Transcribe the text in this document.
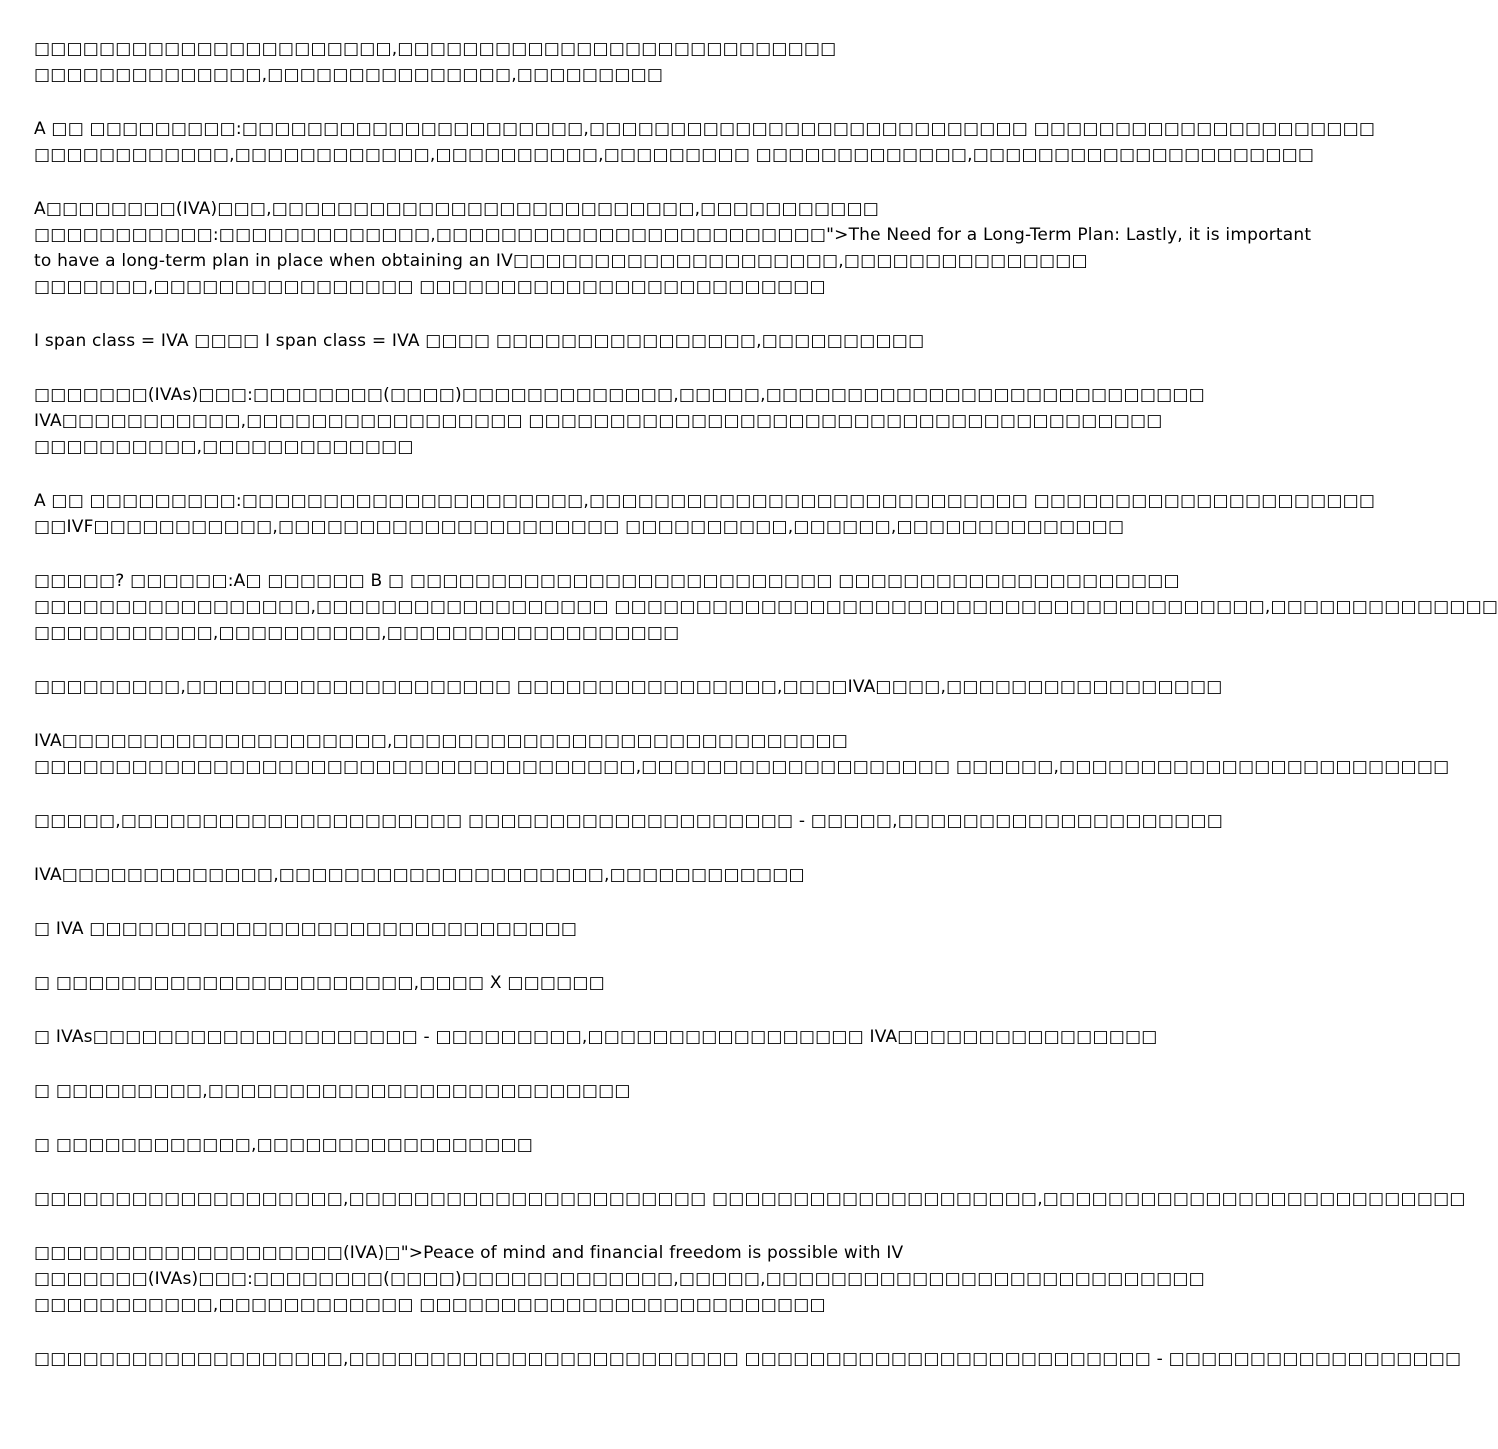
□□□□□□□□□□□□□□□□□□□□□□,□□□□□□□□□□□□□□□□□□□□□□□□□□□
□□□□□□□□□□□□□□,□□□□□□□□□□□□□□□,□□□□□□□□□

A □□ □□□□□□□□□:□□□□□□□□□□□□□□□□□□□□□,□□□□□□□□□□□□□□□□□□□□□□□□□□□ □□□□□□□□□□□□□□□□□□□□□
□□□□□□□□□□□□,□□□□□□□□□□□□,□□□□□□□□□□,□□□□□□□□□ □□□□□□□□□□□□□,□□□□□□□□□□□□□□□□□□□□□

A□□□□□□□□(IVA)□□□,□□□□□□□□□□□□□□□□□□□□□□□□□□,□□□□□□□□□□□
□□□□□□□□□□□:□□□□□□□□□□□□□,□□□□□□□□□□□□□□□□□□□□□□□□">The Need for a Long-Term Plan: Lastly, it is important
to have a long-term plan in place when obtaining an IV□□□□□□□□□□□□□□□□□□□□,□□□□□□□□□□□□□□□
□□□□□□□,□□□□□□□□□□□□□□□□ □□□□□□□□□□□□□□□□□□□□□□□□□

I span class = IVA □□□□ I span class = IVA □□□□ □□□□□□□□□□□□□□□□,□□□□□□□□□□

□□□□□□□(IVAs)□□□:□□□□□□□□(□□□□)□□□□□□□□□□□□□,□□□□□,□□□□□□□□□□□□□□□□□□□□□□□□□□□
IVA□□□□□□□□□□□,□□□□□□□□□□□□□□□□□ □□□□□□□□□□□□□□□□□□□□□□□□□□□□□□□□□□□□□□□
□□□□□□□□□□,□□□□□□□□□□□□□

A □□ □□□□□□□□□:□□□□□□□□□□□□□□□□□□□□□,□□□□□□□□□□□□□□□□□□□□□□□□□□□ □□□□□□□□□□□□□□□□□□□□□
□□IVF□□□□□□□□□□□,□□□□□□□□□□□□□□□□□□□□□ □□□□□□□□□□,□□□□□□,□□□□□□□□□□□□□□

□□□□□? □□□□□□:A□ □□□□□□ B □ □□□□□□□□□□□□□□□□□□□□□□□□□□ □□□□□□□□□□□□□□□□□□□□□
□□□□□□□□□□□□□□□□□,□□□□□□□□□□□□□□□□□□ □□□□□□□□□□□□□□□□□□□□□□□□□□□□□□□□□□□□□□□□,□□□□□□□□□□□□□□
□□□□□□□□□□□,□□□□□□□□□□,□□□□□□□□□□□□□□□□□□

□□□□□□□□□,□□□□□□□□□□□□□□□□□□□□ □□□□□□□□□□□□□□□□,□□□□IVA□□□□,□□□□□□□□□□□□□□□□□

IVA□□□□□□□□□□□□□□□□□□□□,□□□□□□□□□□□□□□□□□□□□□□□□□□□□
□□□□□□□□□□□□□□□□□□□□□□□□□□□□□□□□□□□□□,□□□□□□□□□□□□□□□□□□□ □□□□□□,□□□□□□□□□□□□□□□□□□□□□□□□

□□□□□,□□□□□□□□□□□□□□□□□□□□□ □□□□□□□□□□□□□□□□□□□□ - □□□□□,□□□□□□□□□□□□□□□□□□□□

IVA□□□□□□□□□□□□□,□□□□□□□□□□□□□□□□□□□□,□□□□□□□□□□□□

□ IVA □□□□□□□□□□□□□□□□□□□□□□□□□□□□□□

□ □□□□□□□□□□□□□□□□□□□□□□,□□□□ X □□□□□□

□ IVAs□□□□□□□□□□□□□□□□□□□□ - □□□□□□□□□,□□□□□□□□□□□□□□□□□ IVA□□□□□□□□□□□□□□□□

□ □□□□□□□□□,□□□□□□□□□□□□□□□□□□□□□□□□□□

□ □□□□□□□□□□□□,□□□□□□□□□□□□□□□□□

□□□□□□□□□□□□□□□□□□□,□□□□□□□□□□□□□□□□□□□□□□ □□□□□□□□□□□□□□□□□□□□,□□□□□□□□□□□□□□□□□□□□□□□□□□

□□□□□□□□□□□□□□□□□□□(IVA)□">Peace of mind and financial freedom is possible with IV
□□□□□□□(IVAs)□□□:□□□□□□□□(□□□□)□□□□□□□□□□□□□,□□□□□,□□□□□□□□□□□□□□□□□□□□□□□□□□□
□□□□□□□□□□□,□□□□□□□□□□□□ □□□□□□□□□□□□□□□□□□□□□□□□□

□□□□□□□□□□□□□□□□□□□,□□□□□□□□□□□□□□□□□□□□□□□□ □□□□□□□□□□□□□□□□□□□□□□□□□ - □□□□□□□□□□□□□□□□□□
